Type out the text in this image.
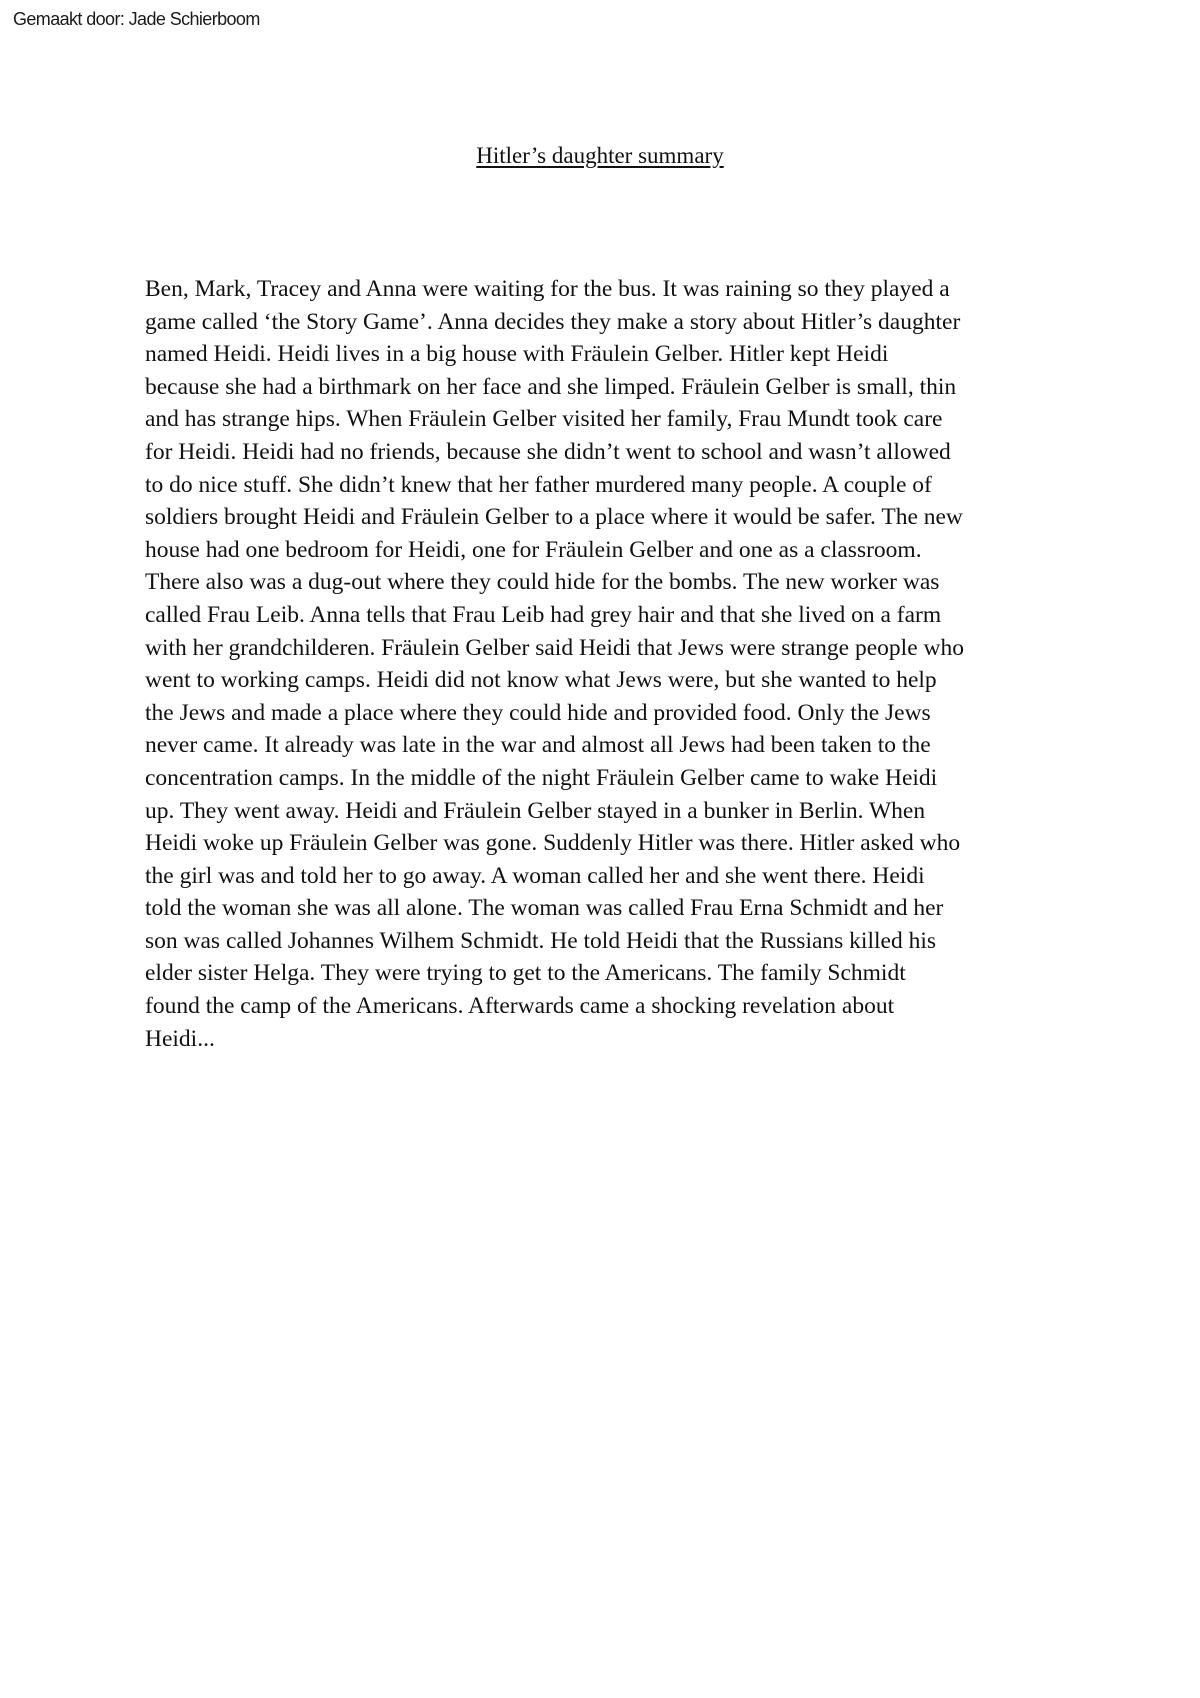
Gemaakt door: Jade Schierboom
Hitler’s daughter summary
Ben, Mark, Tracey and Anna were waiting for the bus. It was raining so they played a
game called ‘the Story Game’. Anna decides they make a story about Hitler’s daughter
named Heidi. Heidi lives in a big house with Fräulein Gelber. Hitler kept Heidi
because she had a birthmark on her face and she limped. Fräulein Gelber is small, thin
and has strange hips. When Fräulein Gelber visited her family, Frau Mundt took care
for Heidi. Heidi had no friends, because she didn’t went to school and wasn’t allowed
to do nice stuff. She didn’t knew that her father murdered many people. A couple of
soldiers brought Heidi and Fräulein Gelber to a place where it would be safer. The new
house had one bedroom for Heidi, one for Fräulein Gelber and one as a classroom.
There also was a dug-out where they could hide for the bombs. The new worker was
called Frau Leib. Anna tells that Frau Leib had grey hair and that she lived on a farm
with her grandchilderen. Fräulein Gelber said Heidi that Jews were strange people who
went to working camps. Heidi did not know what Jews were, but she wanted to help
the Jews and made a place where they could hide and provided food. Only the Jews
never came. It already was late in the war and almost all Jews had been taken to the
concentration camps. In the middle of the night Fräulein Gelber came to wake Heidi
up. They went away. Heidi and Fräulein Gelber stayed in a bunker in Berlin. When
Heidi woke up Fräulein Gelber was gone. Suddenly Hitler was there. Hitler asked who
the girl was and told her to go away. A woman called her and she went there. Heidi
told the woman she was all alone. The woman was called Frau Erna Schmidt and her
son was called Johannes Wilhem Schmidt. He told Heidi that the Russians killed his
elder sister Helga. They were trying to get to the Americans. The family Schmidt
found the camp of the Americans. Afterwards came a shocking revelation about
Heidi...
